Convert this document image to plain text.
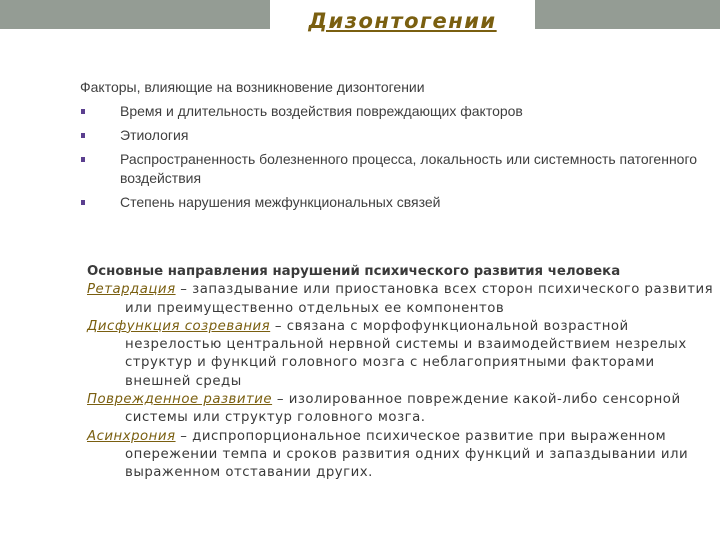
Дизонтогении
Факторы, влияющие на возникновение дизонтогении
Время и длительность воздействия повреждающих факторов
Этиология
Распространенность болезненного процесса, локальность или системность патогенного воздействия
Степень нарушения межфункциональных связей
Основные направления нарушений психического развития человека
Ретардация – запаздывание или приостановка всех сторон психического развития или преимущественно отдельных ее компонентов
Дисфункция созревания – связана с морфофункциональной возрастной незрелостью центральной нервной системы и взаимодействием незрелых структур и функций головного мозга с неблагоприятными факторами внешней среды
Поврежденное развитие – изолированное повреждение какой-либо сенсорной системы или структур головного мозга.
Асинхрония – диспропорциональное психическое развитие при выраженном опережении темпа и сроков развития одних функций и запаздывании или выраженном отставании других.
